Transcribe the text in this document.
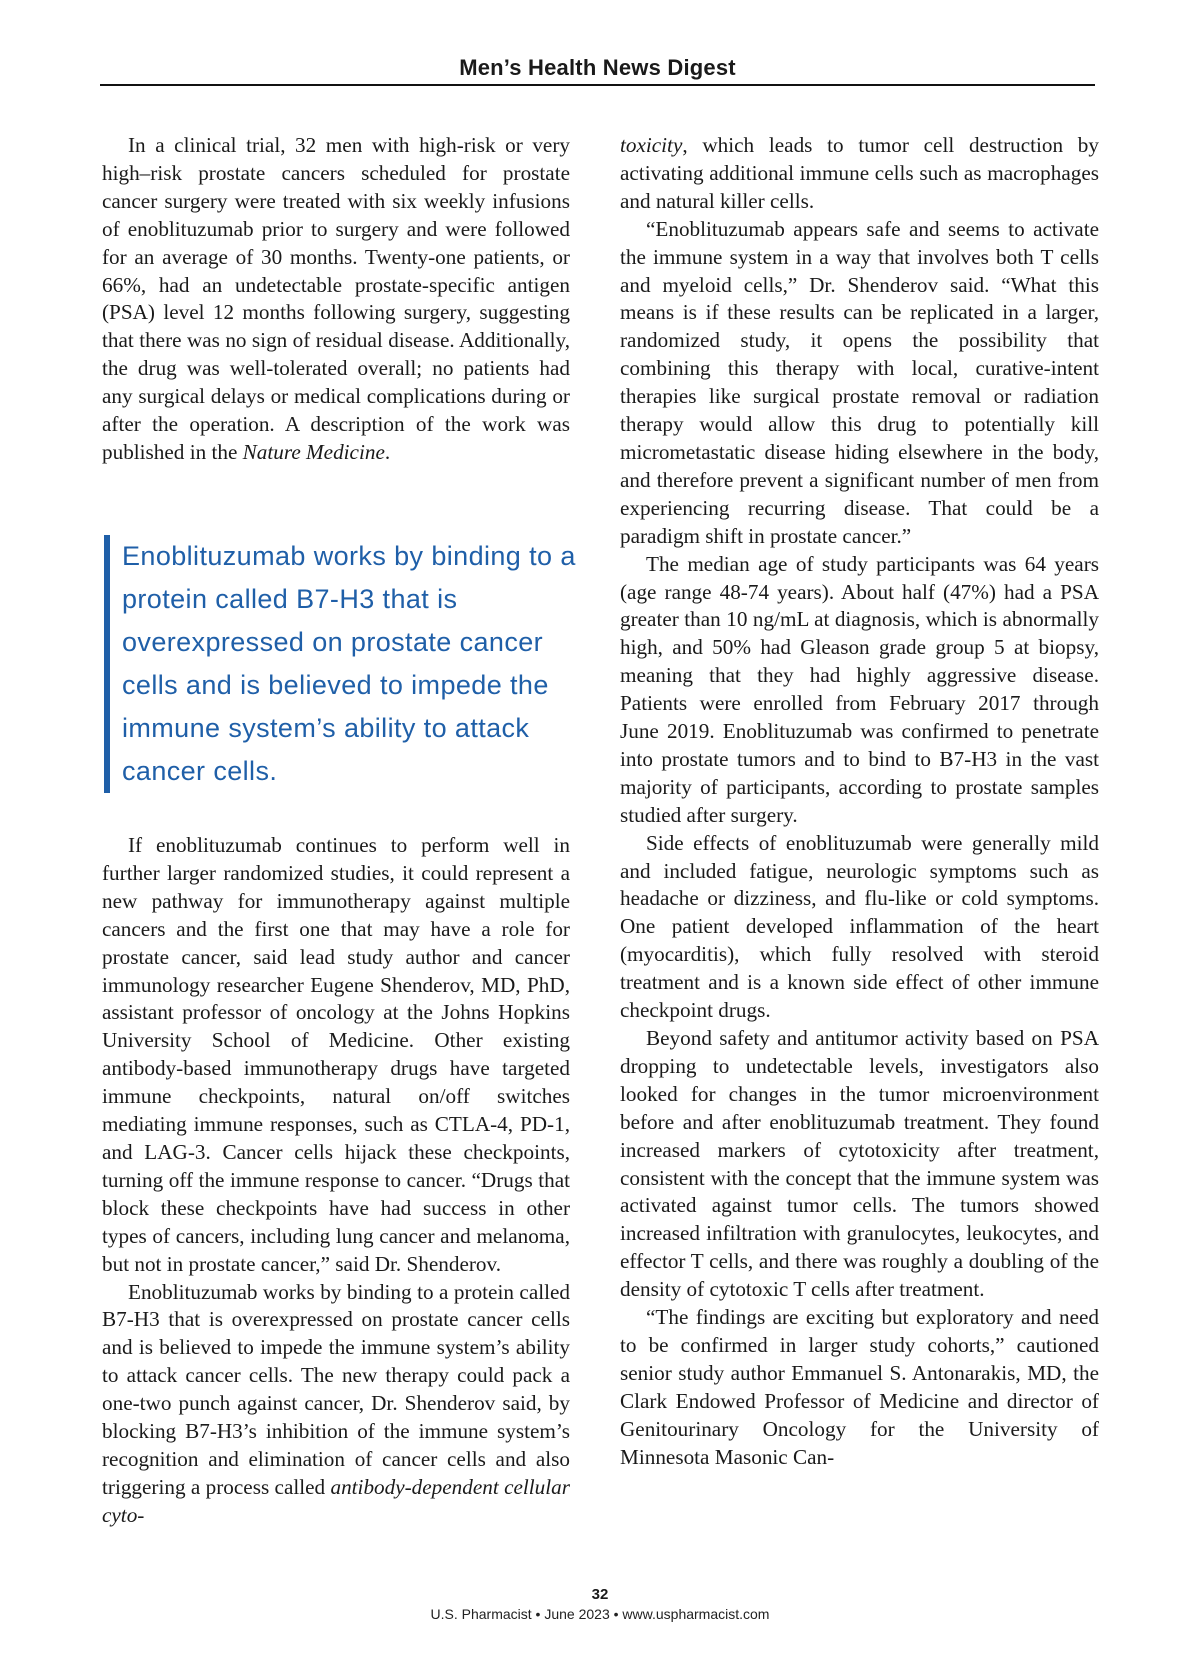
Men’s Health News Digest

In a clinical trial, 32 men with high-risk or very high–risk prostate cancers scheduled for prostate cancer surgery were treated with six weekly infusions of enoblituzumab prior to surgery and were followed for an average of 30 months. Twenty-one patients, or 66%, had an undetectable prostate-specific antigen (PSA) level 12 months following surgery, suggesting that there was no sign of residual disease. Additionally, the drug was well-tolerated overall; no patients had any surgical delays or medical complications during or after the operation. A description of the work was published in the Nature Medicine.

Enoblituzumab works by binding to a protein called B7-H3 that is overexpressed on prostate cancer cells and is believed to impede the immune system’s ability to attack cancer cells.

If enoblituzumab continues to perform well in further larger randomized studies, it could represent a new pathway for immunotherapy against multiple cancers and the first one that may have a role for prostate cancer, said lead study author and cancer immunology researcher Eugene Shenderov, MD, PhD, assistant professor of oncology at the Johns Hopkins University School of Medicine. Other existing antibody-based immunotherapy drugs have targeted immune checkpoints, natural on/off switches mediating immune responses, such as CTLA-4, PD-1, and LAG-3. Cancer cells hijack these checkpoints, turning off the immune response to cancer. “Drugs that block these checkpoints have had success in other types of cancers, including lung cancer and melanoma, but not in prostate cancer,” said Dr. Shenderov.

Enoblituzumab works by binding to a protein called B7-H3 that is overexpressed on prostate cancer cells and is believed to impede the immune system’s ability to attack cancer cells. The new therapy could pack a one-two punch against cancer, Dr. Shenderov said, by blocking B7-H3’s inhibition of the immune system’s recognition and elimination of cancer cells and also triggering a process called antibody-dependent cellular cyto-

toxicity, which leads to tumor cell destruction by activating additional immune cells such as macrophages and natural killer cells.

“Enoblituzumab appears safe and seems to activate the immune system in a way that involves both T cells and myeloid cells,” Dr. Shenderov said. “What this means is if these results can be replicated in a larger, randomized study, it opens the possibility that combining this therapy with local, curative-intent therapies like surgical prostate removal or radiation therapy would allow this drug to potentially kill micrometastatic disease hiding elsewhere in the body, and therefore prevent a significant number of men from experiencing recurring disease. That could be a paradigm shift in prostate cancer.”

The median age of study participants was 64 years (age range 48-74 years). About half (47%) had a PSA greater than 10 ng/mL at diagnosis, which is abnormally high, and 50% had Gleason grade group 5 at biopsy, meaning that they had highly aggressive disease. Patients were enrolled from February 2017 through June 2019. Enoblituzumab was confirmed to penetrate into prostate tumors and to bind to B7-H3 in the vast majority of participants, according to prostate samples studied after surgery.

Side effects of enoblituzumab were generally mild and included fatigue, neurologic symptoms such as headache or dizziness, and flu-like or cold symptoms. One patient developed inflammation of the heart (myocarditis), which fully resolved with steroid treatment and is a known side effect of other immune checkpoint drugs.

Beyond safety and antitumor activity based on PSA dropping to undetectable levels, investigators also looked for changes in the tumor microenvironment before and after enoblituzumab treatment. They found increased markers of cytotoxicity after treatment, consistent with the concept that the immune system was activated against tumor cells. The tumors showed increased infiltration with granulocytes, leukocytes, and effector T cells, and there was roughly a doubling of the density of cytotoxic T cells after treatment.

“The findings are exciting but exploratory and need to be confirmed in larger study cohorts,” cautioned senior study author Emmanuel S. Antonarakis, MD, the Clark Endowed Professor of Medicine and director of Genitourinary Oncology for the University of Minnesota Masonic Can-

32
U.S. Pharmacist • June 2023 • www.uspharmacist.com
